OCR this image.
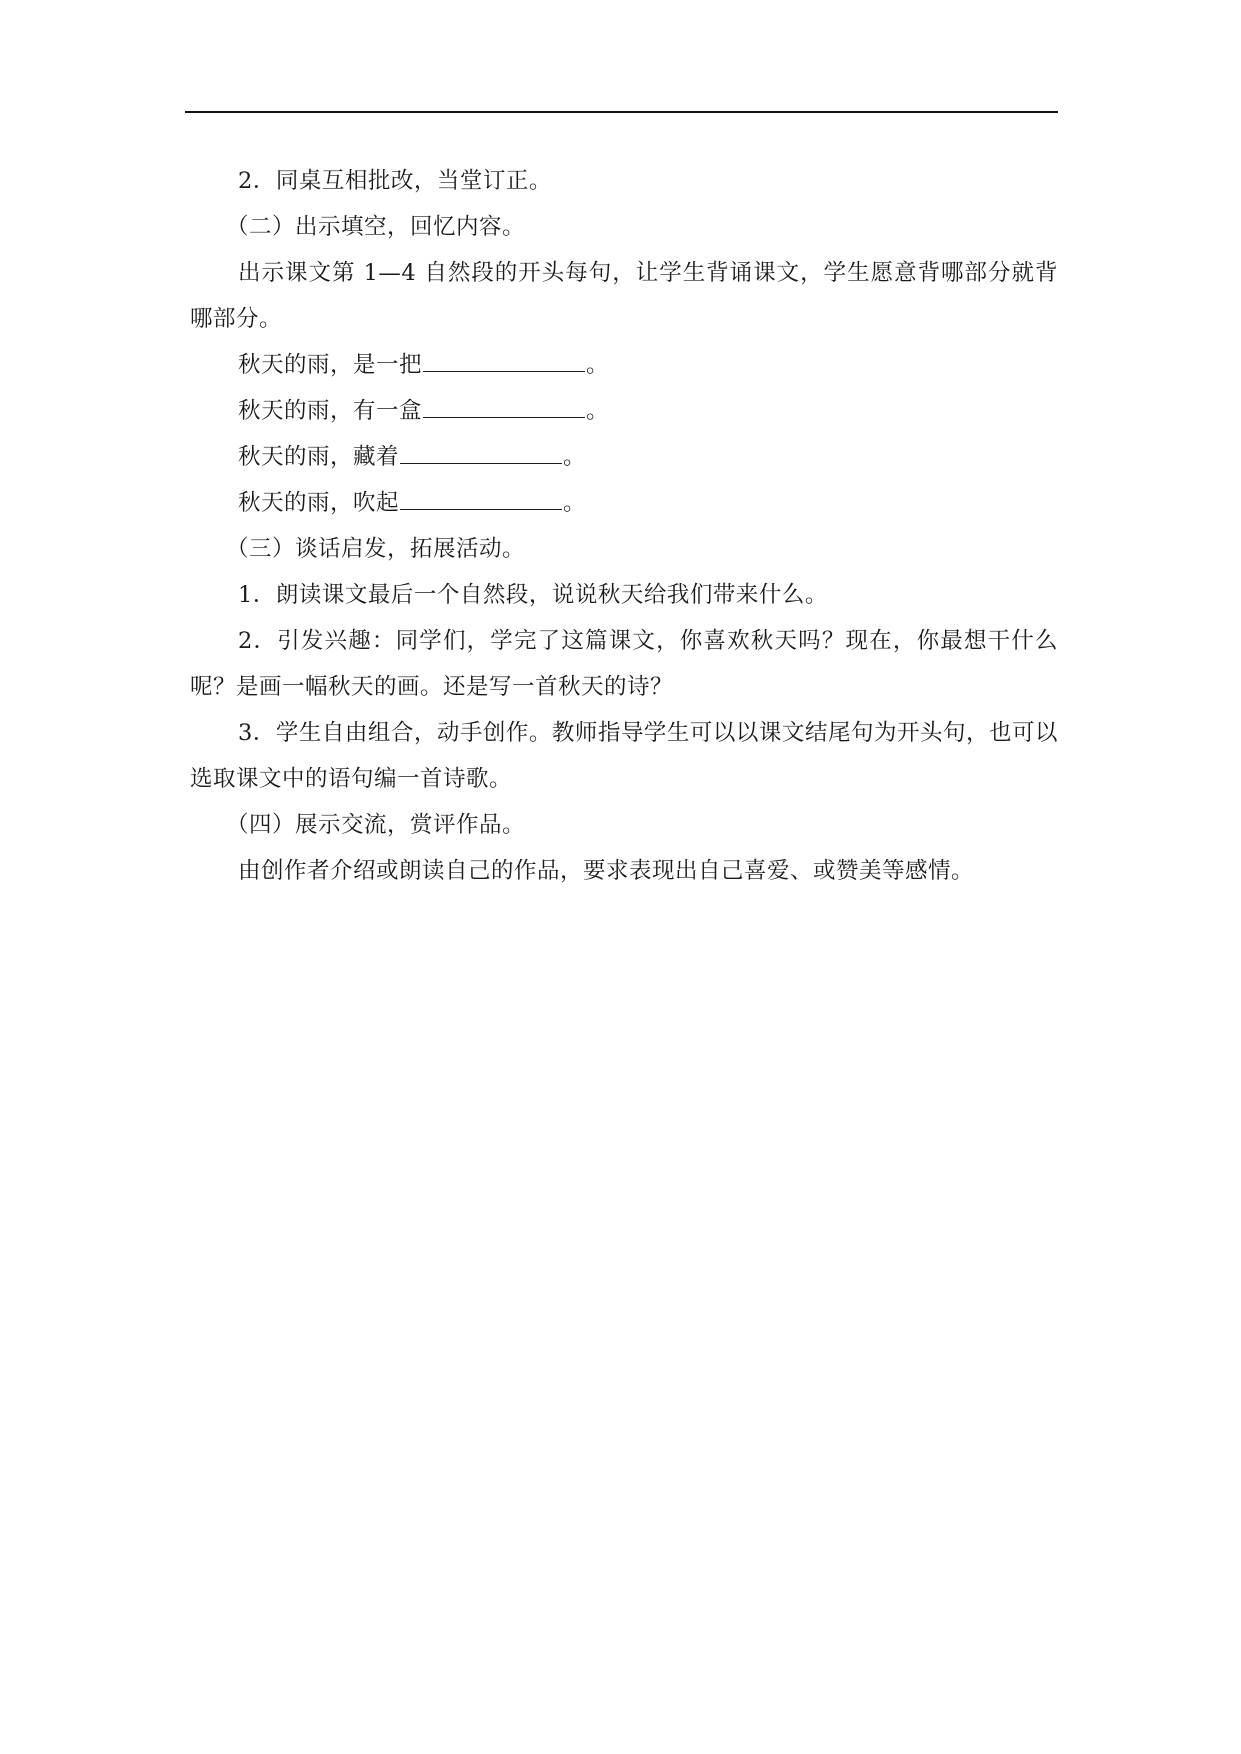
2．同桌互相批改，当堂订正。

（二）出示填空，回忆内容。

出示课文第 1—4 自然段的开头每句，让学生背诵课文，学生愿意背哪部分就背哪部分。

秋天的雨，是一把	。

秋天的雨，有一盒	。

秋天的雨，藏着	。

秋天的雨，吹起	。

（三）谈话启发，拓展活动。

1．朗读课文最后一个自然段，说说秋天给我们带来什么。

2．引发兴趣：同学们，学完了这篇课文，你喜欢秋天吗？现在，你最想干什么呢？是画一幅秋天的画。还是写一首秋天的诗？

3．学生自由组合，动手创作。教师指导学生可以以课文结尾句为开头句，也可以选取课文中的语句编一首诗歌。

（四）展示交流，赏评作品。

由创作者介绍或朗读自己的作品，要求表现出自己喜爱、或赞美等感情。
